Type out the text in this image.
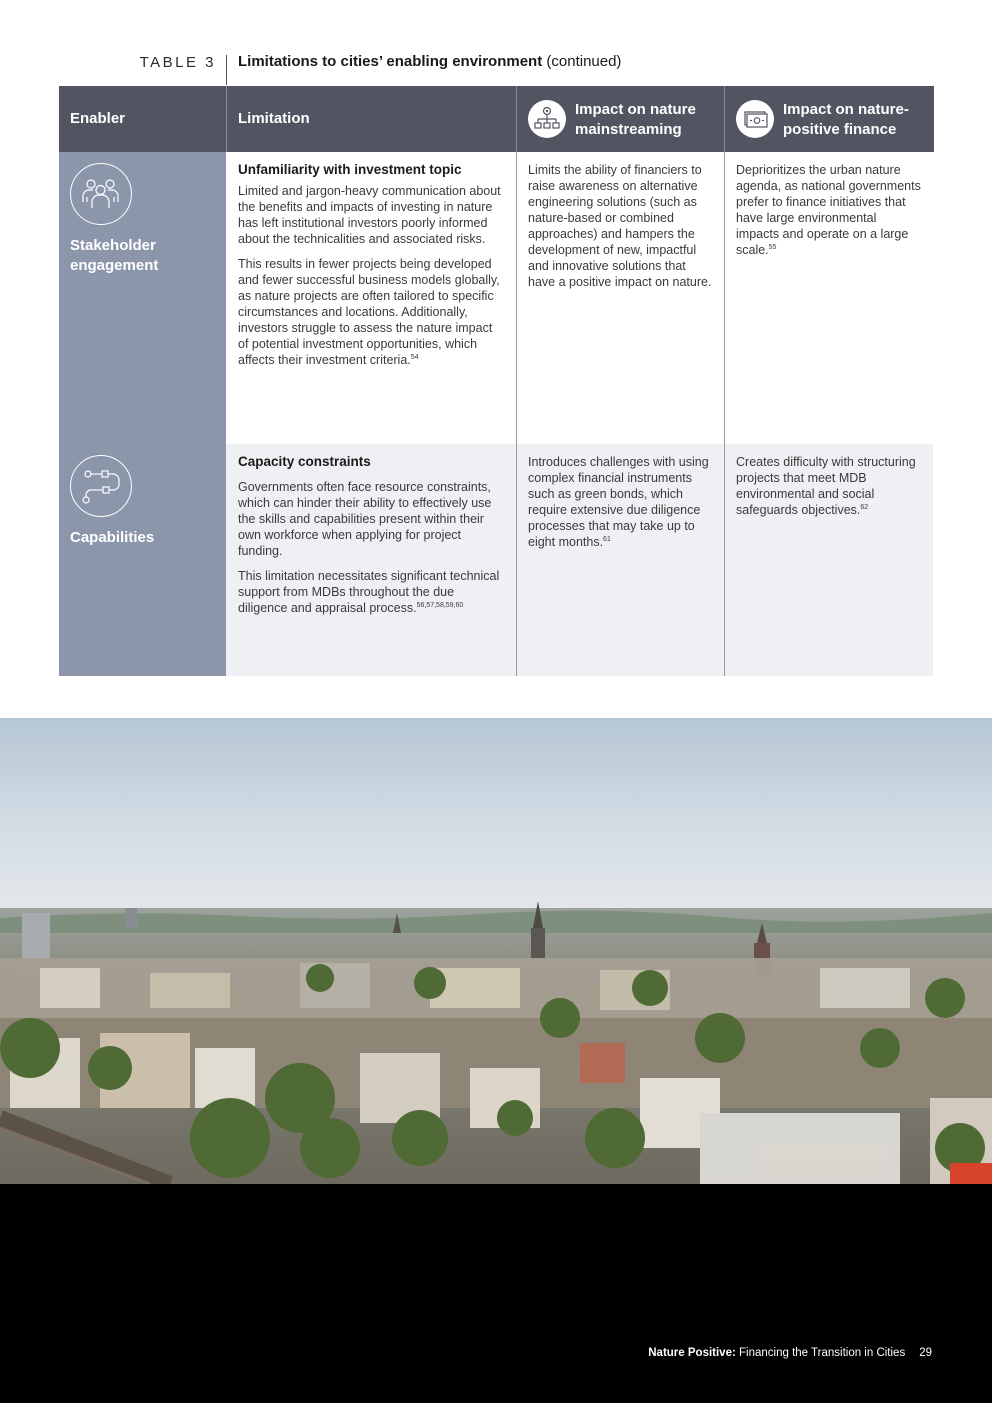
TABLE 3 Limitations to cities’ enabling environment (continued)
Enabler	Limitation
Impact on nature
mainstreaming
Impact on nature-
positive finance
Stakeholder
engagement
Unfamiliarity with investment topic

Limited and jargon-heavy communication about the benefits and impacts of investing in nature has left institutional investors poorly informed about the technicalities and associated risks.

This results in fewer projects being developed and fewer successful business models globally, as nature projects are often tailored to specific circumstances and locations. Additionally, investors struggle to assess the nature impact of potential investment opportunities, which affects their investment criteria.$^{54}$

Limits the ability of financiers to raise awareness on alternative engineering solutions (such as nature-based or combined approaches) and hampers the development of new, impactful and innovative solutions that have a positive impact on nature.

Deprioritizes the urban nature agenda, as national governments prefer to finance initiatives that have large environmental impacts and operate on a large scale.$^{55}$

Capabilities
Capacity constraints

Governments often face resource constraints, which can hinder their ability to effectively use the skills and capabilities present within their own workforce when applying for project funding.

This limitation necessitates significant technical support from MDBs throughout the due diligence and appraisal process.$^{56,57,58,59,60}$

Introduces challenges with using complex financial instruments such as green bonds, which require extensive due diligence processes that may take up to eight months.$^{61}$

Creates difficulty with structuring projects that meet MDB environmental and social safeguards objectives.$^{62}$

Nature Positive: Financing the Transition in Cities 29
